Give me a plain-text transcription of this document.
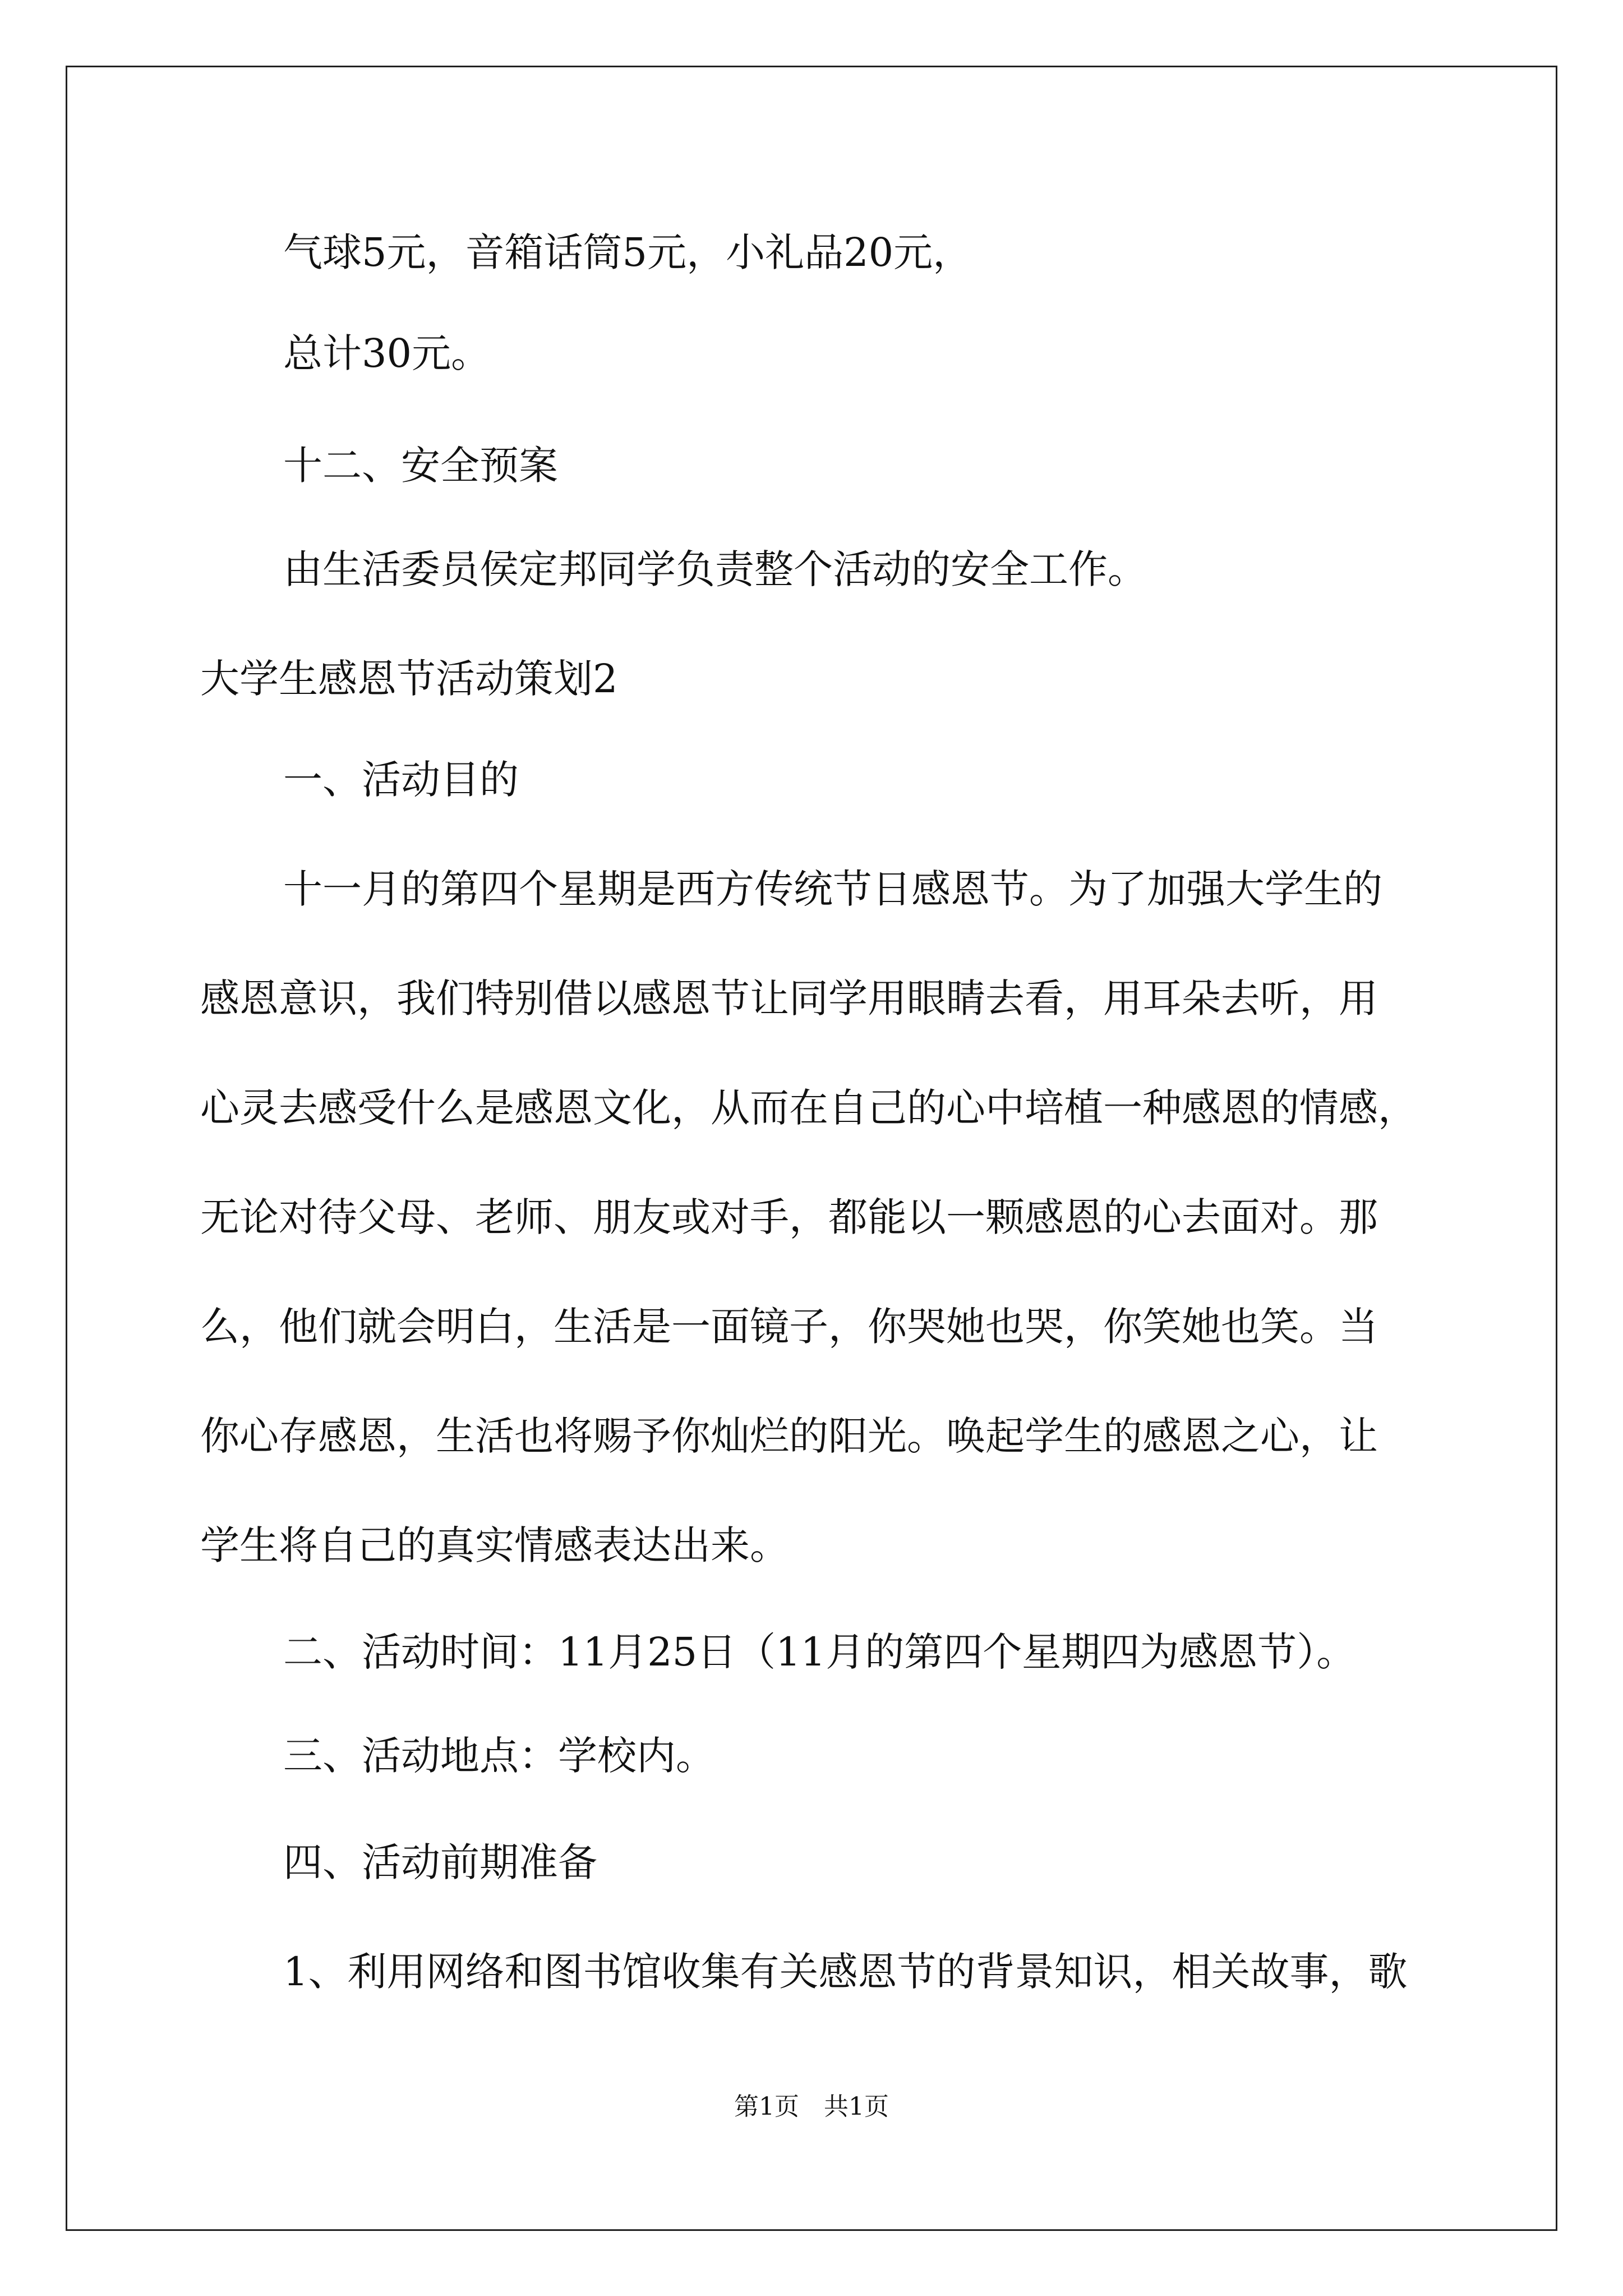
气球5元，音箱话筒5元，小礼品20元，
总计30元。
十二、安全预案
由生活委员侯定邦同学负责整个活动的安全工作。
大学生感恩节活动策划2
一、活动目的
十一月的第四个星期是西方传统节日感恩节。为了加强大学生的
感恩意识，我们特别借以感恩节让同学用眼睛去看，用耳朵去听，用
心灵去感受什么是感恩文化，从而在自己的心中培植一种感恩的情感，
无论对待父母、老师、朋友或对手，都能以一颗感恩的心去面对。那
么，他们就会明白，生活是一面镜子，你哭她也哭，你笑她也笑。当
你心存感恩，生活也将赐予你灿烂的阳光。唤起学生的感恩之心，让
学生将自己的真实情感表达出来。
二、活动时间：11月25日（11月的第四个星期四为感恩节）。
三、活动地点：学校内。
四、活动前期准备
1、利用网络和图书馆收集有关感恩节的背景知识，相关故事，歌
第1页　共1页
